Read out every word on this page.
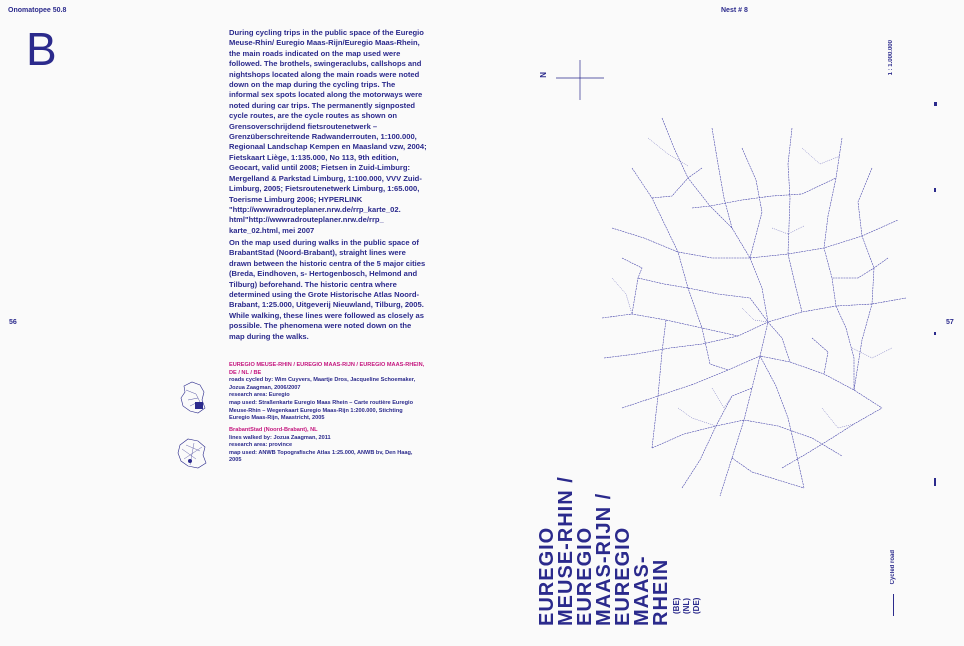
Onomatopee 50.8	Nest # 8
B	During cycling trips in the public space of the Euregio Meuse-Rhin/ Euregio Maas-Rijn/Euregio Maas-Rhein, the main roads indicated on the map used were followed. The brothels, swingeraclubs, callshops and nightshops located along the main roads were noted down on the map during the cycling trips. The informal sex spots located along the motorways were noted during car trips. The permanently signposted cycle routes, are the cycle routes as shown on Grensoverschrijdend fietsroutenetwerk – Grenzüberschreitende Radwanderrouten, 1:100.000, Regionaal Landschap Kempen en Maasland vzw, 2004; Fietskaart Liège, 1:135.000, No 113, 9th edition, Geocart, valid until 2008; Fietsen in Zuid-Limburg: Mergelland & Parkstad Limburg, 1:100.000, VVV Zuid-Limburg, 2005; Fietsroutenetwerk Limburg, 1:65.000, Toerisme Limburg 2006; HYPERLINK "http://wwwradrouteplaner.nrw.de/rrp_karte_02. html"http://wwwradrouteplaner.nrw.de/rrp_ karte_02.html, mei 2007
On the map used during walks in the public space of BrabantStad (Noord-Brabant), straight lines were drawn between the historic centra of the 5 major cities (Breda, Eindhoven, s- Hertogenbosch, Helmond and Tilburg) beforehand. The historic centra where determined using the Grote Historische Atlas Noord-Brabant, 1:25.000, Uitgeverij Nieuwland, Tilburg, 2005. While walking, these lines were followed as closely as possible. The phenomena were noted down on the map during the walks.
56	57
EUREGIO MEUSE-RHIN / EUREGIO MAAS-RIJN / EUREGIO MAAS-RHEIN, DE / NL / BE
roads cycled by: Wim Cuyvers, Maartje Dros, Jacqueline Schoemaker, Jozua Zaagman, 2006/2007
research area: Euregio
map used: Straßenkarte Euregio Maas Rhein – Carte routière Euregio Meuse-Rhin – Wegenkaart Euregio Maas-Rijn 1:200.000, Stichting Euregio Maas-Rijn, Maastricht, 2005
BrabantStad (Noord-Brabant), NL
lines walked by: Jozua Zaagman, 2011
research area: province
map used: ANWB Topografische Atlas 1:25.000, ANWB bv, Den Haag, 2005
N	1 : 1.000.000
EUREGIO
MEUSE-RHIN /
EUREGIO
MAAS-RIJN /
EUREGIO
MAAS-
RHEIN (BE)
(NL)
(DE)
Cycled road
